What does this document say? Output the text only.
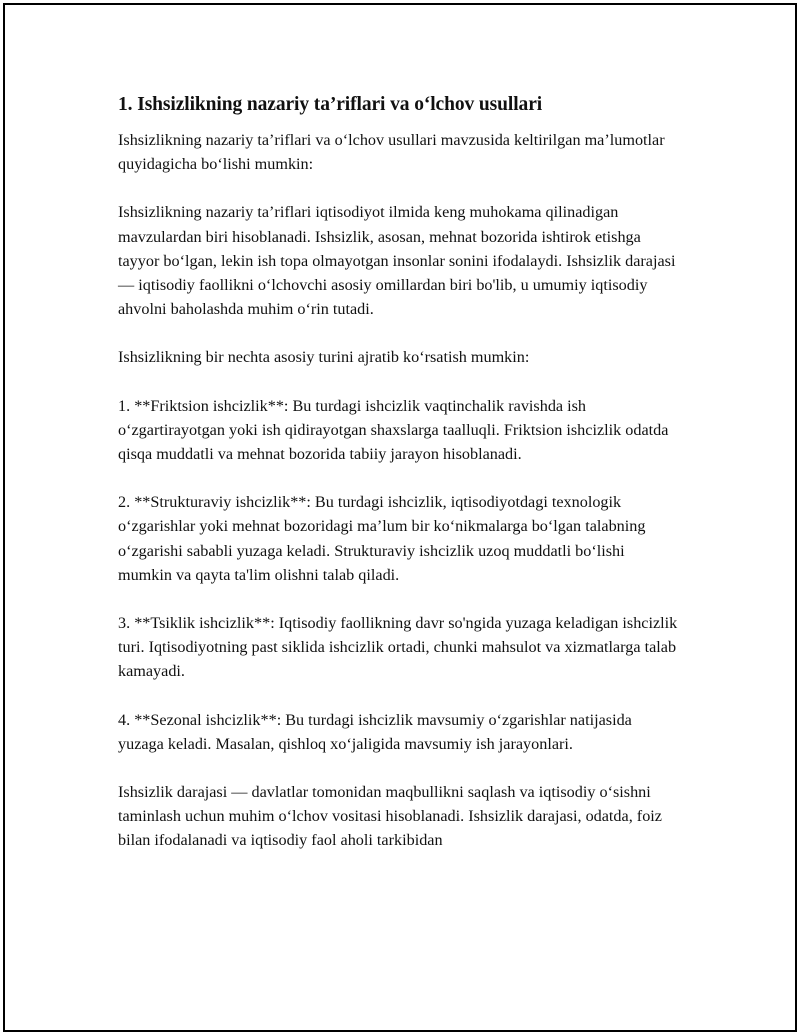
1. Ishsizlikning nazariy ta’riflari va o‘lchov usullari

Ishsizlikning nazariy ta’riflari va o‘lchov usullari mavzusida keltirilgan ma’lumotlar quyidagicha bo‘lishi mumkin:

Ishsizlikning nazariy ta’riflari iqtisodiyot ilmida keng muhokama qilinadigan mavzulardan biri hisoblanadi. Ishsizlik, asosan, mehnat bozorida ishtirok etishga tayyor bo‘lgan, lekin ish topa olmayotgan insonlar sonini ifodalaydi. Ishsizlik darajasi — iqtisodiy faollikni o‘lchovchi asosiy omillardan biri bo'lib, u umumiy iqtisodiy ahvolni baholashda muhim o‘rin tutadi.

Ishsizlikning bir nechta asosiy turini ajratib ko‘rsatish mumkin:

1. **Friktsion ishcizlik**: Bu turdagi ishcizlik vaqtinchalik ravishda ish o‘zgartirayotgan yoki ish qidirayotgan shaxslarga taalluqli. Friktsion ishcizlik odatda qisqa muddatli va mehnat bozorida tabiiy jarayon hisoblanadi.

2. **Strukturaviy ishcizlik**: Bu turdagi ishcizlik, iqtisodiyotdagi texnologik o‘zgarishlar yoki mehnat bozoridagi ma’lum bir ko‘nikmalarga bo‘lgan talabning o‘zgarishi sababli yuzaga keladi. Strukturaviy ishcizlik uzoq muddatli bo‘lishi mumkin va qayta ta'lim olishni talab qiladi.

3. **Tsiklik ishcizlik**: Iqtisodiy faollikning davr so'ngida yuzaga keladigan ishcizlik turi. Iqtisodiyotning past siklida ishcizlik ortadi, chunki mahsulot va xizmatlarga talab kamayadi.

4. **Sezonal ishcizlik**: Bu turdagi ishcizlik mavsumiy o‘zgarishlar natijasida yuzaga keladi. Masalan, qishloq xo‘jaligida mavsumiy ish jarayonlari.

Ishsizlik darajasi — davlatlar tomonidan maqbullikni saqlash va iqtisodiy o‘sishni taminlash uchun muhim o‘lchov vositasi hisoblanadi. Ishsizlik darajasi, odatda, foiz bilan ifodalanadi va iqtisodiy faol aholi tarkibidan
